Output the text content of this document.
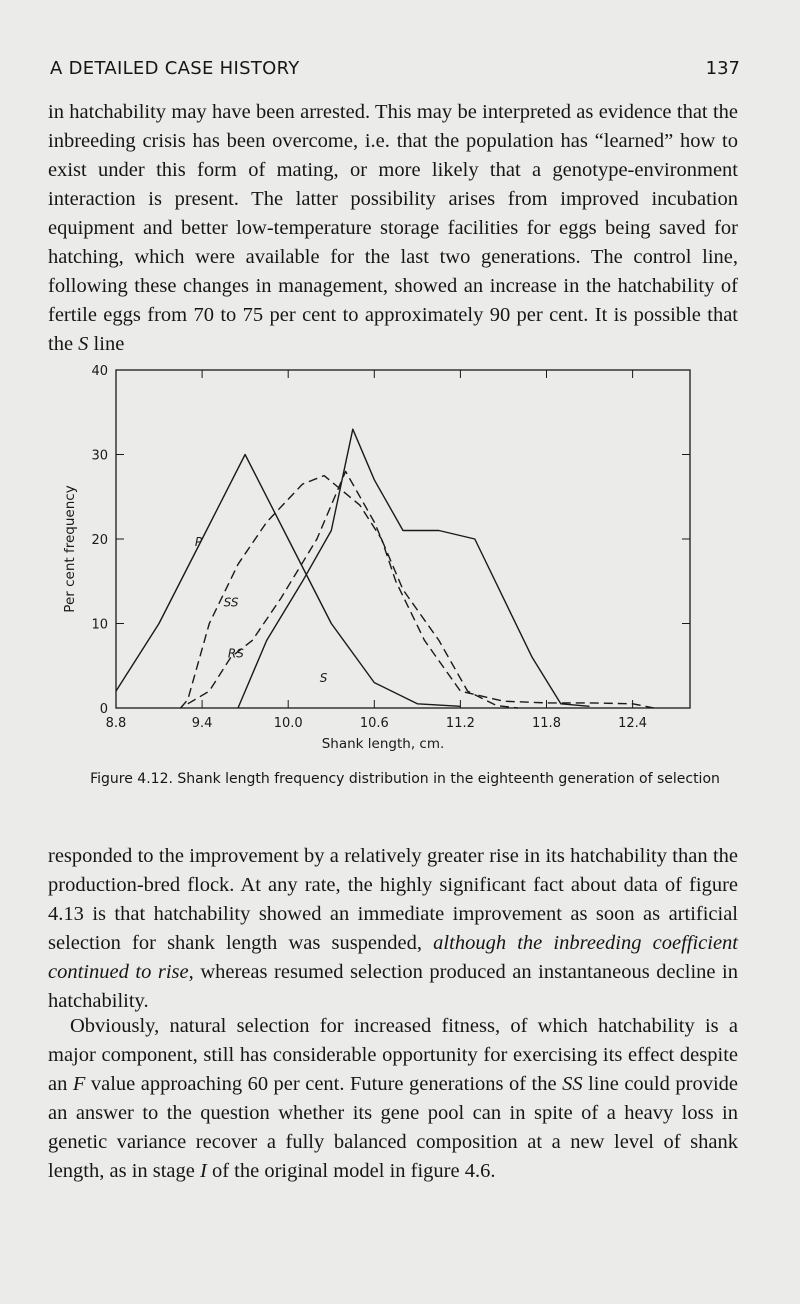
A DETAILED CASE HISTORY	137

in hatchability may have been arrested. This may be interpreted as evidence that the inbreeding crisis has been overcome, i.e. that the population has “learned” how to exist under this form of mating, or more likely that a genotype-environment interaction is present. The latter possibility arises from improved incubation equipment and better low-temperature storage facilities for eggs being saved for hatching, which were available for the last two generations. The control line, following these changes in management, showed an increase in the hatchability of fertile eggs from 70 to 75 per cent to approximately 90 per cent. It is possible that the S line

8.8	9.4	10.0	10.6	11.2	11.8	12.4
0
10
20
30
40
Shank length, cm.
Per cent frequency	P
SS
RS
S
Figure 4.12. Shank length frequency distribution in the eighteenth generation of selection

responded to the improvement by a relatively greater rise in its hatchability than the production-bred flock. At any rate, the highly significant fact about data of figure 4.13 is that hatchability showed an immediate improvement as soon as artificial selection for shank length was suspended, although the inbreeding coefficient continued to rise, whereas resumed selection produced an instantaneous decline in hatchability.

Obviously, natural selection for increased fitness, of which hatchability is a major component, still has considerable opportunity for exercising its effect despite an F value approaching 60 per cent. Future generations of the SS line could provide an answer to the question whether its gene pool can in spite of a heavy loss in genetic variance recover a fully balanced composition at a new level of shank length, as in stage I of the original model in figure 4.6.
